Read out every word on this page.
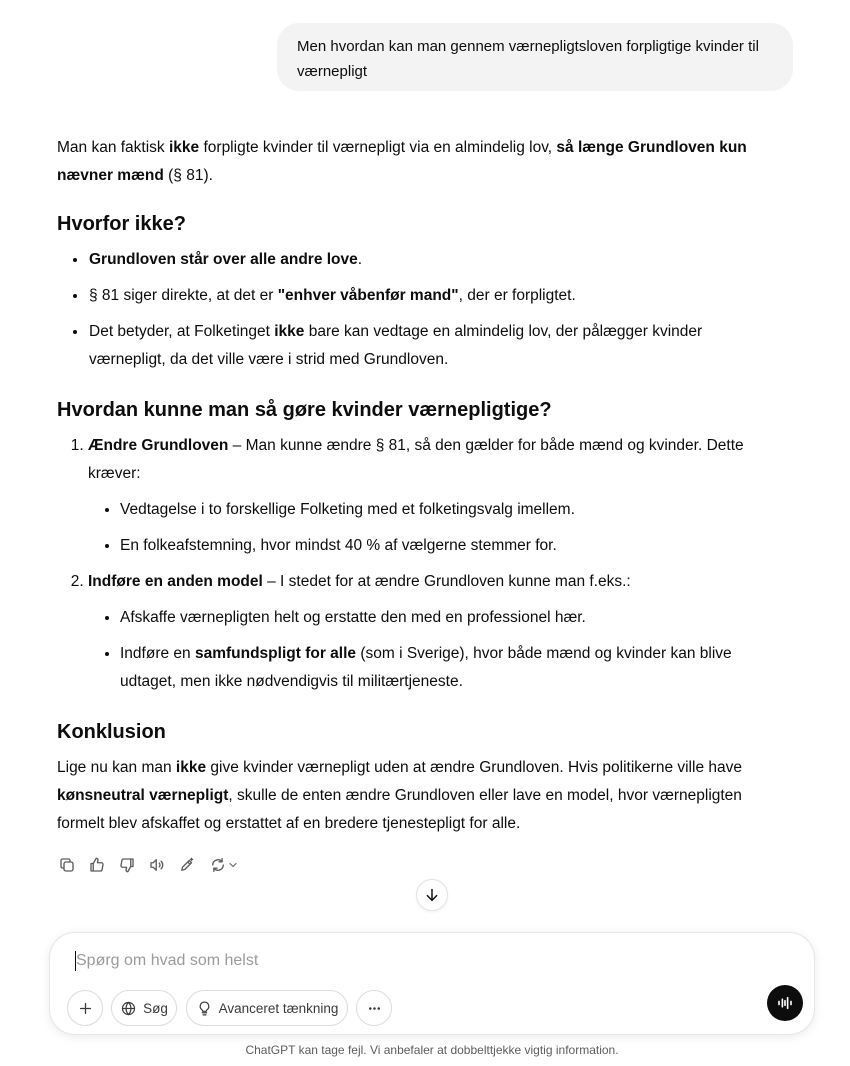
Men hvordan kan man gennem værnepligtsloven forpligtige kvinder til værnepligt

Man kan faktisk ikke forpligte kvinder til værnepligt via en almindelig lov, så længe Grundloven kun nævner mænd (§ 81).

Hvorfor ikke?
• Grundloven står over alle andre love.
• § 81 siger direkte, at det er "enhver våbenfør mand", der er forpligtet.
• Det betyder, at Folketinget ikke bare kan vedtage en almindelig lov, der pålægger kvinder værnepligt, da det ville være i strid med Grundloven.
Hvordan kunne man så gøre kvinder værnepligtige?
1. Ændre Grundloven – Man kunne ændre § 81, så den gælder for både mænd og kvinder. Dette kræver:
• Vedtagelse i to forskellige Folketing med et folketingsvalg imellem.
• En folkeafstemning, hvor mindst 40 % af vælgerne stemmer for.
2. Indføre en anden model – I stedet for at ændre Grundloven kunne man f.eks.:
• Afskaffe værnepligten helt og erstatte den med en professionel hær.
• Indføre en samfundspligt for alle (som i Sverige), hvor både mænd og kvinder kan blive udtaget, men ikke nødvendigvis til militærtjeneste.
Konklusion

Lige nu kan man ikke give kvinder værnepligt uden at ændre Grundloven. Hvis politikerne ville have kønsneutral værnepligt, skulle de enten ændre Grundloven eller lave en model, hvor værnepligten formelt blev afskaffet og erstattet af en bredere tjenestepligt for alle.

Spørg om hvad som helst
Søg	Avanceret tænkning
ChatGPT kan tage fejl. Vi anbefaler at dobbelttjekke vigtig information.
